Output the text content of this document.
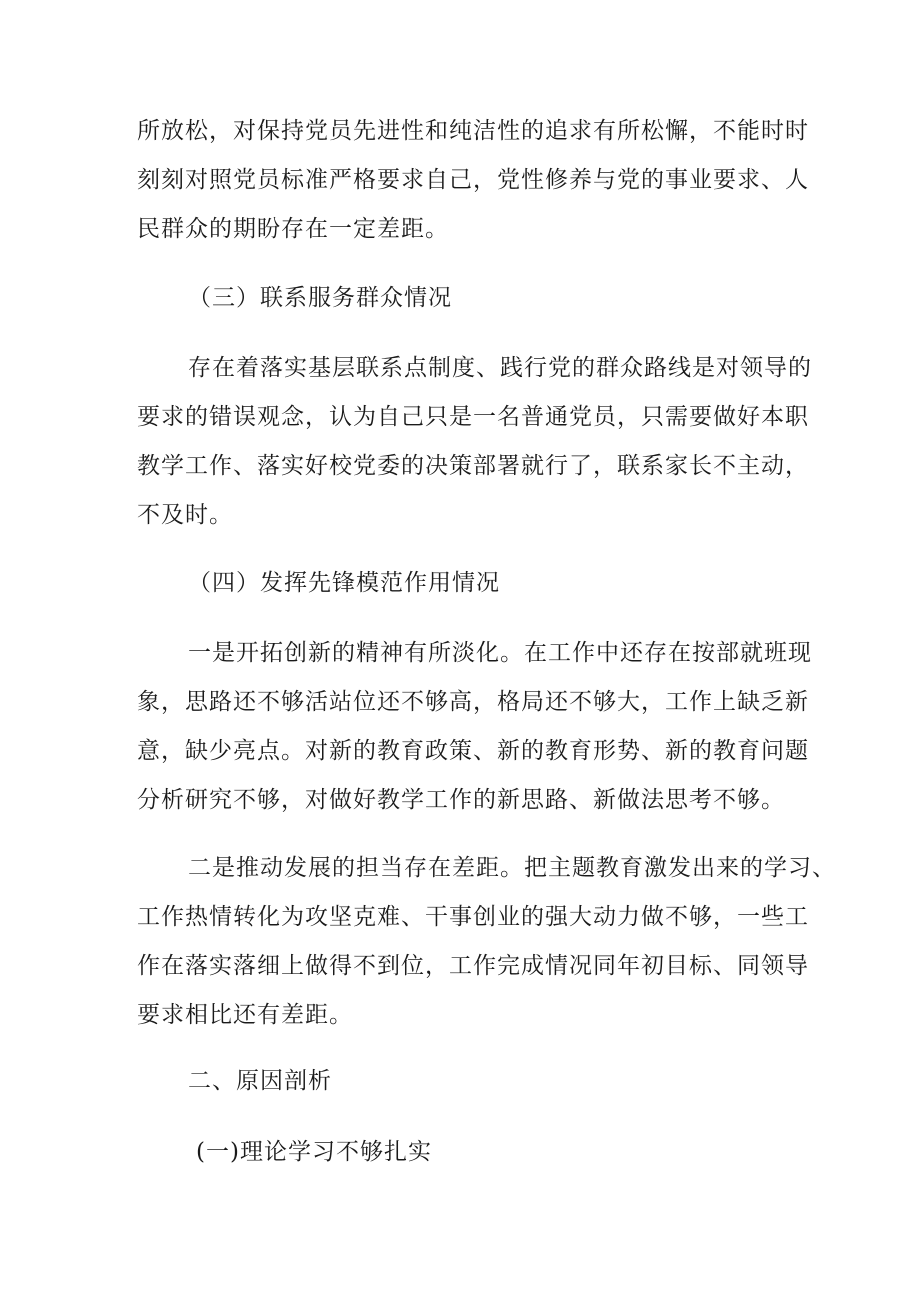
所放松，对保持党员先进性和纯洁性的追求有所松懈，不能时时
刻刻对照党员标准严格要求自己，党性修养与党的事业要求、人
民群众的期盼存在一定差距。
（三）联系服务群众情况
存在着落实基层联系点制度、践行党的群众路线是对领导的
要求的错误观念，认为自己只是一名普通党员，只需要做好本职
教学工作、落实好校党委的决策部署就行了，联系家长不主动，
不及时。
（四）发挥先锋模范作用情况
一是开拓创新的精神有所淡化。在工作中还存在按部就班现
象，思路还不够活站位还不够高，格局还不够大，工作上缺乏新
意，缺少亮点。对新的教育政策、新的教育形势、新的教育问题
分析研究不够，对做好教学工作的新思路、新做法思考不够。
二是推动发展的担当存在差距。把主题教育激发出来的学习、
工作热情转化为攻坚克难、干事创业的强大动力做不够，一些工
作在落实落细上做得不到位，工作完成情况同年初目标、同领导
要求相比还有差距。
二、原因剖析
(一)理论学习不够扎实
